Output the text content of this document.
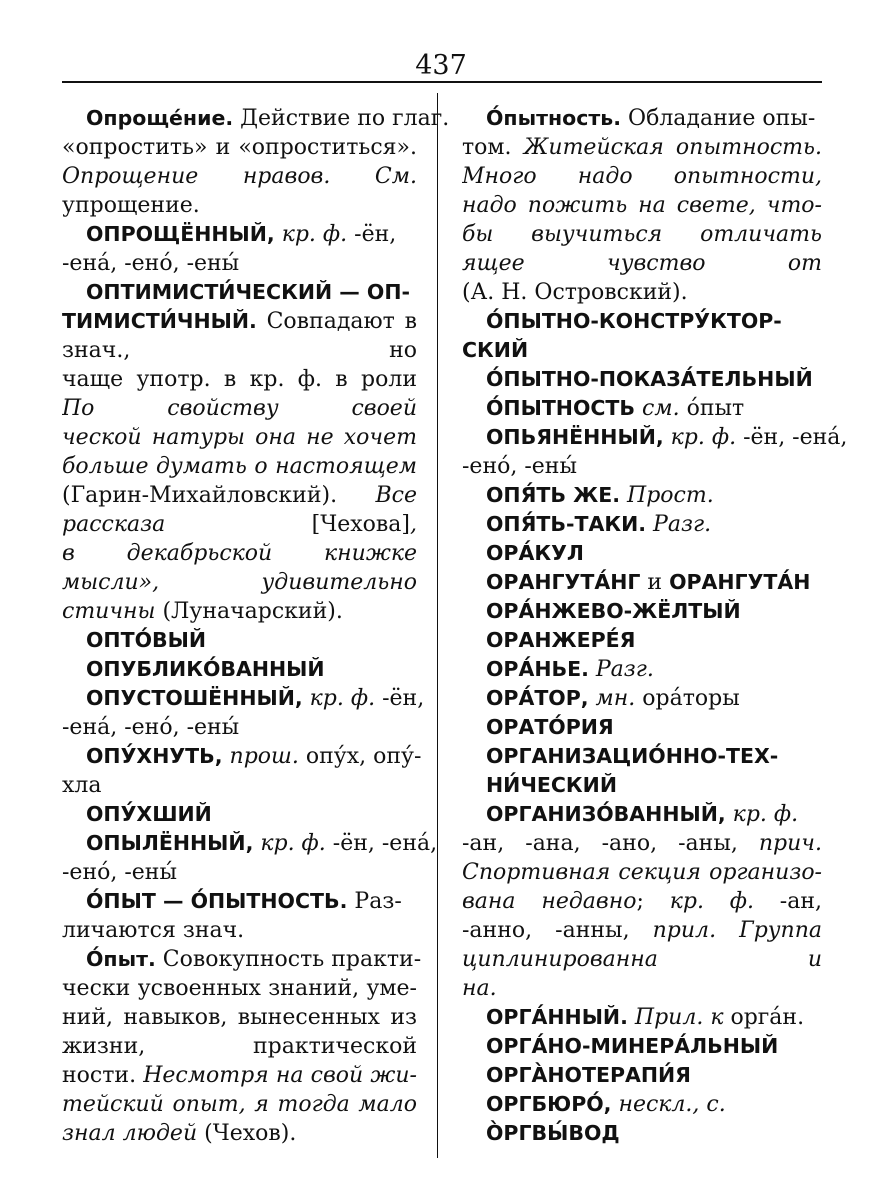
437
Опроще́ние. Действие по глаг.
«опростить» и «опроститься».
Опрощение нравов. См.
упрощение.
ОПРОЩЁННЫЙ, кр. ф. -ён,
-ена́, -ено́, -ены́
ОПТИМИСТИ́ЧЕСКИЙ — ОП-
ТИМИСТИ́ЧНЫЙ. Совпадают в
знач., но
чаще употр. в кр. ф. в роли
По свойству своей
ческой натуры она не хочет
больше думать о настоящем
(Гарин-Михайловский). Все
рассказа [Чехова],
в декабрьской книжке
мысли», удивительно
стичны (Луначарский).
ОПТО́ВЫЙ
ОПУБЛИКО́ВАННЫЙ
ОПУСТОШЁННЫЙ, кр. ф. -ён,
-ена́, -ено́, -ены́
ОПУ́ХНУТЬ, прош. опу́х, опу́-
хла
ОПУ́ХШИЙ
ОПЫЛЁННЫЙ, кр. ф. -ён, -ена́,
-ено́, -ены́
О́ПЫТ — О́ПЫТНОСТЬ. Раз-
личаются знач.
О́пыт. Совокупность практи-
чески усвоенных знаний, уме-
ний, навыков, вынесенных из
жизни, практической
ности. Несмотря на свой жи-
тейский опыт, я тогда мало
знал людей (Чехов).
О́пытность. Обладание опы-
том. Житейская опытность.
Много надо опытности,
надо пожить на свете, что-
бы выучиться отличать
ящее чувство от
(А. Н. Островский).
О́ПЫТНО-КОНСТРУ́КТОР-
СКИЙ
О́ПЫТНО-ПОКАЗА́ТЕЛЬНЫЙ
О́ПЫТНОСТЬ см. о́пыт
ОПЬЯНЁННЫЙ, кр. ф. -ён, -ена́,
-ено́, -ены́
ОПЯ́ТЬ ЖЕ. Прост.
ОПЯ́ТЬ-ТАКИ. Разг.
ОРА́КУЛ
ОРАНГУТА́НГ и ОРАНГУТА́Н
ОРА́НЖЕВО-ЖЁЛТЫЙ
ОРАНЖЕРЕ́Я
ОРА́НЬЕ. Разг.
ОРА́ТОР, мн. ора́торы
ОРАТО́РИЯ
ОРГАНИЗАЦИО́ННО-ТЕХ-
НИ́ЧЕСКИЙ
ОРГАНИЗО́ВАННЫЙ, кр. ф.
-ан, -ана, -ано, -аны, прич.
Спортивная секция организо-
вана недавно; кр. ф. -ан,
-анно, -анны, прил. Группа
циплинированна и
на.
ОРГА́ННЫЙ. Прил. к орга́н.
ОРГА́НО-МИНЕРА́ЛЬНЫЙ
ОРГА̀НОТЕРАПИ́Я
ОРГБЮРО́, нескл., с.
О̀РГВЫ́ВОД
